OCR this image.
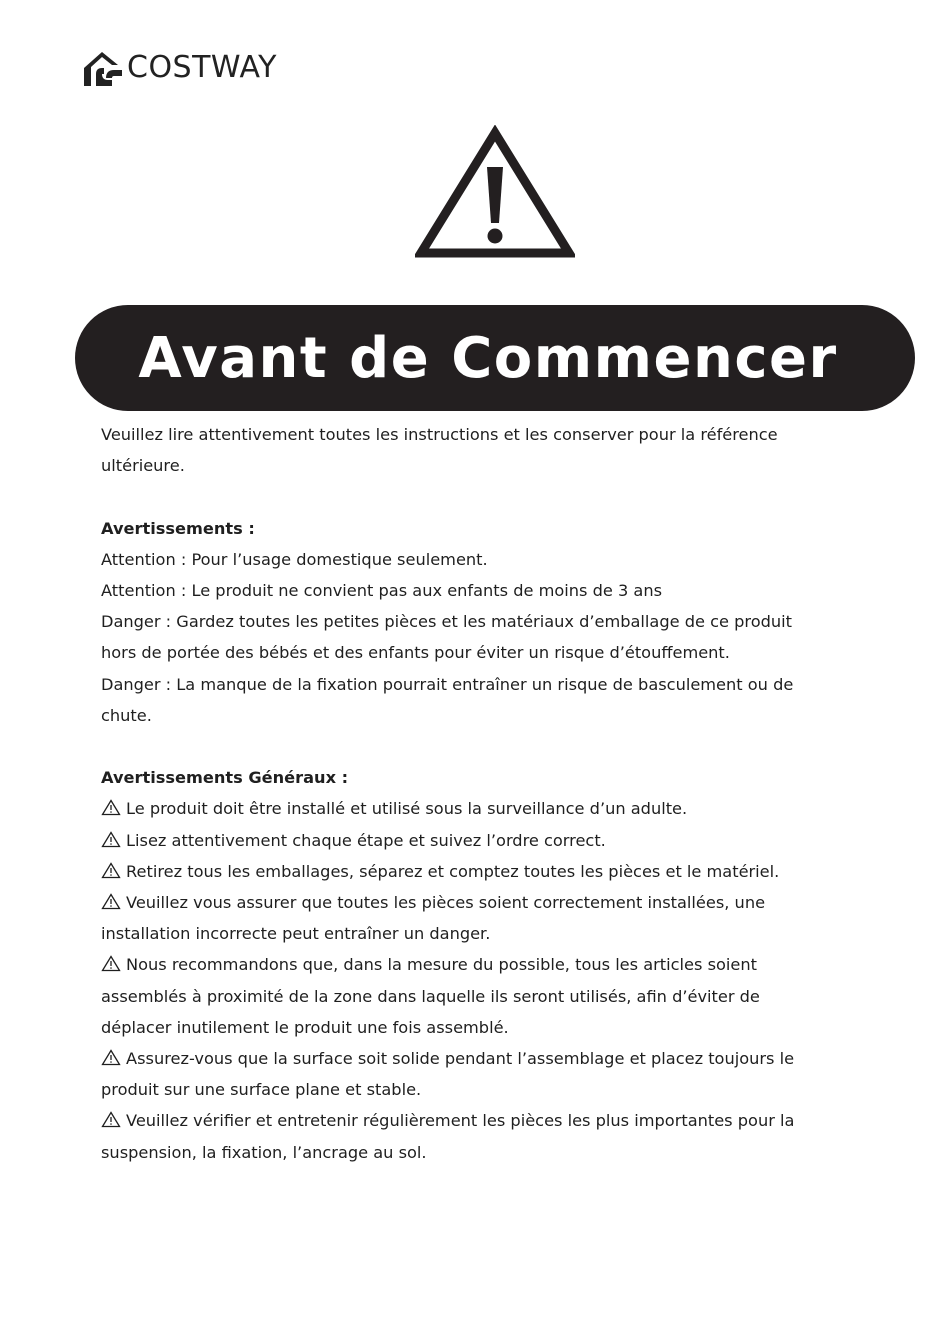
COSTWAY
Avant de Commencer

Veuillez lire attentivement toutes les instructions et les conserver pour la référence

ultérieure.

Avertissements :

Attention : Pour l’usage domestique seulement.

Attention : Le produit ne convient pas aux enfants de moins de 3 ans

Danger : Gardez toutes les petites pièces et les matériaux d’emballage de ce produit

hors de portée des bébés et des enfants pour éviter un risque d’étouffement.

Danger : La manque de la fixation pourrait entraîner un risque de basculement ou de

chute.

Avertissements Généraux :

Le produit doit être installé et utilisé sous la surveillance d’un adulte.

Lisez attentivement chaque étape et suivez l’ordre correct.

Retirez tous les emballages, séparez et comptez toutes les pièces et le matériel.

Veuillez vous assurer que toutes les pièces soient correctement installées, une

installation incorrecte peut entraîner un danger.

Nous recommandons que, dans la mesure du possible, tous les articles soient

assemblés à proximité de la zone dans laquelle ils seront utilisés, afin d’éviter de

déplacer inutilement le produit une fois assemblé.

Assurez-vous que la surface soit solide pendant l’assemblage et placez toujours le

produit sur une surface plane et stable.

Veuillez vérifier et entretenir régulièrement les pièces les plus importantes pour la

suspension, la fixation, l’ancrage au sol.
